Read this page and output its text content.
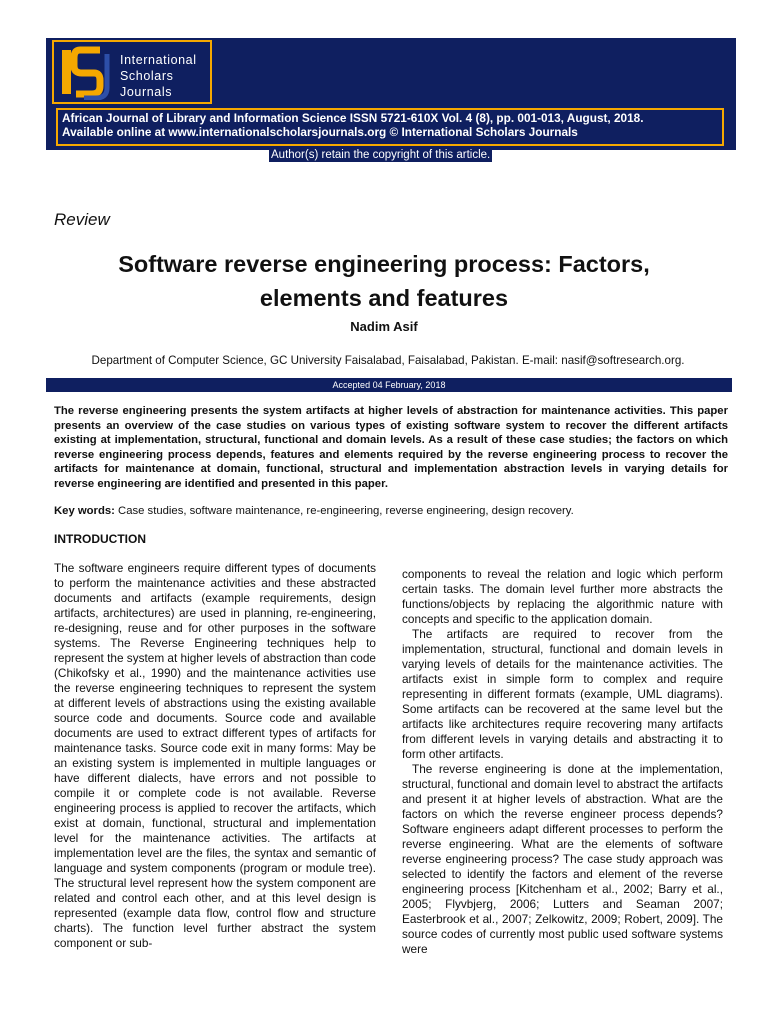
International
Scholars
Journals
African Journal of Library and Information Science ISSN 5721-610X Vol. 4 (8), pp. 001-013, August, 2018.
Available online at www.internationalscholarsjournals.org © International Scholars Journals
Author(s) retain the copyright of this article.
Review
Software reverse engineering process: Factors,
elements and features
Nadim Asif
Department of Computer Science, GC University Faisalabad, Faisalabad, Pakistan. E-mail: nasif@softresearch.org.
Accepted 04 February, 2018
The reverse engineering presents the system artifacts at higher levels of abstraction for maintenance activities. This paper presents an overview of the case studies on various types of existing software system to recover the different artifacts existing at implementation, structural, functional and domain levels. As a result of these case studies; the factors on which reverse engineering process depends, features and elements required by the reverse engineering process to recover the artifacts for maintenance at domain, functional, structural and implementation abstraction levels in varying details for reverse engineering are identified and presented in this paper.
Key words: Case studies, software maintenance, re-engineering, reverse engineering, design recovery.
INTRODUCTION

The software engineers require different types of documents to perform the maintenance activities and these abstracted documents and artifacts (example requirements, design artifacts, architectures) are used in planning, re-engineering, re-designing, reuse and for other purposes in the software systems. The Reverse Engineering techniques help to represent the system at higher levels of abstraction than code (Chikofsky et al., 1990) and the maintenance activities use the reverse engineering techniques to represent the system at different levels of abstractions using the existing available source code and documents. Source code and available documents are used to extract different types of artifacts for maintenance tasks. Source code exit in many forms: May be an existing system is implemented in multiple languages or have different dialects, have errors and not possible to compile it or complete code is not available. Reverse engineering process is applied to recover the artifacts, which exist at domain, functional, structural and implementation level for the maintenance activities. The artifacts at implementation level are the files, the syntax and semantic of language and system components (program or module tree). The structural level represent how the system component are related and control each other, and at this level design is represented (example data flow, control flow and structure charts). The function level further abstract the system component or sub-

components to reveal the relation and logic which perform certain tasks. The domain level further more abstracts the functions/objects by replacing the algorithmic nature with concepts and specific to the application domain.

The artifacts are required to recover from the implementation, structural, functional and domain levels in varying levels of details for the maintenance activities. The artifacts exist in simple form to complex and require representing in different formats (example, UML diagrams). Some artifacts can be recovered at the same level but the artifacts like architectures require recovering many artifacts from different levels in varying details and abstracting it to form other artifacts.

The reverse engineering is done at the implementation, structural, functional and domain level to abstract the artifacts and present it at higher levels of abstraction. What are the factors on which the reverse engineer process depends? Software engineers adapt different processes to perform the reverse engineering. What are the elements of software reverse engineering process? The case study approach was selected to identify the factors and element of the reverse engineering process [Kitchenham et al., 2002; Barry et al., 2005; Flyvbjerg, 2006; Lutters and Seaman 2007; Easterbrook et al., 2007; Zelkowitz, 2009; Robert, 2009]. The source codes of currently most public used software systems were
